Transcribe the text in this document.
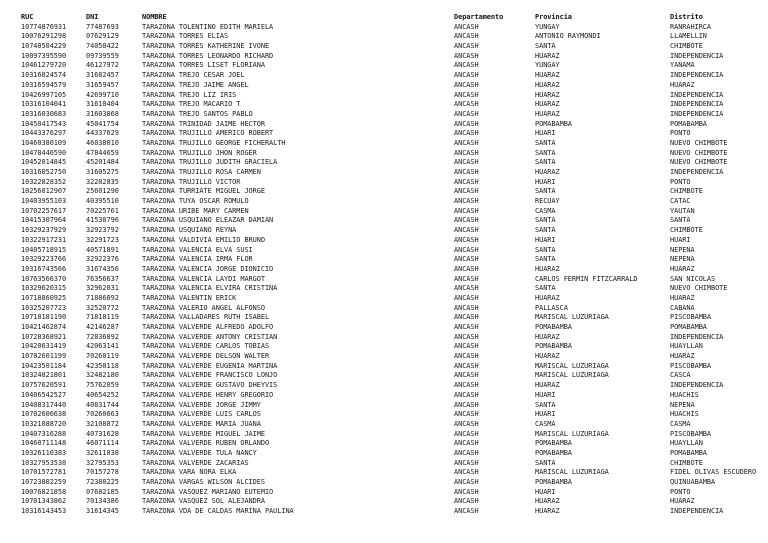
RUC	DNI	NOMBRE	Departamento	Provincia	Distrito
10774876931	77487693	TARAZONA TOLENTINO EDITH MARIELA	ANCASH	YUNGAY	RANRAHIRCA
10076291298	07629129	TARAZONA TORRES ELIAS	ANCASH	ANTONIO RAYMONDI	LLAMELLIN
10740504229	74050422	TARAZONA TORRES KATHERINE IVONE	ANCASH	SANTA	CHIMBOTE
10097395590	09739559	TARAZONA TORRES LEONARDO RICHARD	ANCASH	HUARAZ	INDEPENDENCIA
10461279720	46127972	TARAZONA TORRES LISET FLORIANA	ANCASH	YUNGAY	YANAMA
10316824574	31682457	TARAZONA TREJO CESAR JOEL	ANCASH	HUARAZ	INDEPENDENCIA
10316594579	31659457	TARAZONA TREJO JAIME ANGEL	ANCASH	HUARAZ	HUARAZ
10426997105	42699710	TARAZONA TREJO LIZ IRIS	ANCASH	HUARAZ	INDEPENDENCIA
10316104041	31610404	TARAZONA TREJO MACARIO T	ANCASH	HUARAZ	INDEPENDENCIA
10316030683	31603068	TARAZONA TREJO SANTOS PABLO	ANCASH	HUARAZ	INDEPENDENCIA
10450417543	45041754	TARAZONA TRINIDAD JAIME HECTOR	ANCASH	POMABAMBA	POMABAMBA
10443376297	44337629	TARAZONA TRUJILLO AMERICO ROBERT	ANCASH	HUARI	PONTO
10460380109	46038010	TARAZONA TRUJILLO GEORGE FICHERALTH	ANCASH	SANTA	NUEVO CHIMBOTE
10478446590	47844659	TARAZONA TRUJILLO JHON ROGER	ANCASH	SANTA	NUEVO CHIMBOTE
10452014845	45201484	TARAZONA TRUJILLO JUDITH GRACIELA	ANCASH	SANTA	NUEVO CHIMBOTE
10316052750	31605275	TARAZONA TRUJILLO ROSA CARMEN	ANCASH	HUARAZ	INDEPENDENCIA
10322828352	32282835	TARAZONA TRUJILLO VICTOR	ANCASH	HUARI	PONTO
10256012907	25601290	TARAZONA TURRIATE MIGUEL JORGE	ANCASH	SANTA	CHIMBOTE
10403955103	40395510	TARAZONA TUYA OSCAR ROMULO	ANCASH	RECUAY	CATAC
10702257617	70225761	TARAZONA URIBE MARY CARMEN	ANCASH	CASMA	YAUTAN
10415307964	41530796	TARAZONA USQUIANO ELEAZAR DAMIAN	ANCASH	SANTA	SANTA
10329237929	32923792	TARAZONA USQUIANO REYNA	ANCASH	SANTA	CHIMBOTE
10322917231	32291723	TARAZONA VALDIVIA EMILIO BRUNO	ANCASH	HUARI	HUARI
10405718915	40571891	TARAZONA VALENCIA ELVA SUSI	ANCASH	SANTA	NEPEÑA
10329223766	32922376	TARAZONA VALENCIA IRMA FLOR	ANCASH	SANTA	NEPEÑA
10316743566	31674356	TARAZONA VALENCIA JORGE DIONICIO	ANCASH	HUARAZ	HUARAZ
10763566370	76356637	TARAZONA VALENCIA LAYDI MARGOT	ANCASH	CARLOS FERMIN FITZCARRALD	SAN NICOLAS
10329620315	32962031	TARAZONA VALENCIA ELVIRA CRISTINA	ANCASH	SANTA	NUEVO CHIMBOTE
10718860925	71886092	TARAZONA VALENTIN ERICK	ANCASH	HUARAZ	HUARAZ
10325207723	32520772	TARAZONA VALERIO ANGEL ALFONSO	ANCASH	PALLASCA	CABANA
10718181190	71818119	TARAZONA VALLADARES RUTH ISABEL	ANCASH	MARISCAL LUZURIAGA	PISCOBAMBA
10421462874	42146287	TARAZONA VALVERDE ALFREDO ADOLFO	ANCASH	POMABAMBA	POMABAMBA
10728368921	72836892	TARAZONA VALVERDE ANTONY CRISTIAN	ANCASH	HUARAZ	INDEPENDENCIA
10420631419	42063141	TARAZONA VALVERDE CARLOS TOBIAS	ANCASH	POMABAMBA	HUAYLLAN
10702601199	70260119	TARAZONA VALVERDE DELSON WALTER	ANCASH	HUARAZ	HUARAZ
10423501184	42350118	TARAZONA VALVERDE EUGENIA MARTINA	ANCASH	MARISCAL LUZURIAGA	PISCOBAMBA
10324821801	32482180	TARAZONA VALVERDE FRANCISCO LONJO	ANCASH	MARISCAL LUZURIAGA	CASCA
10757620591	75762059	TARAZONA VALVERDE GUSTAVO DHEYVIS	ANCASH	HUARAZ	INDEPENDENCIA
10406542527	40654252	TARAZONA VALVERDE HENRY GREGORIO	ANCASH	HUARI	HUACHIS
10408317440	40831744	TARAZONA VALVERDE JORGE JIMMY	ANCASH	SANTA	NEPEÑA
10702606638	70260663	TARAZONA VALVERDE LUIS CARLOS	ANCASH	HUARI	HUACHIS
10321088720	32108872	TARAZONA VALVERDE MARIA JUANA	ANCASH	CASMA	CASMA
10407316288	40731628	TARAZONA VALVERDE MIGUEL JAIME	ANCASH	MARISCAL LUZURIAGA	PISCOBAMBA
10460711148	46071114	TARAZONA VALVERDE RUBEN ORLANDO	ANCASH	POMABAMBA	HUAYLLAN
10326110383	32611038	TARAZONA VALVERDE TULA NANCY	ANCASH	POMABAMBA	POMABAMBA
10327953538	32795353	TARAZONA VALVERDE ZACARIAS	ANCASH	SANTA	CHIMBOTE
10701572781	70157278	TARAZONA VARA NORA ELKA	ANCASH	MARISCAL LUZURIAGA	FIDEL OLIVAS ESCUDERO
10723802259	72380225	TARAZONA VARGAS WILSON ALCIDES	ANCASH	POMABAMBA	QUINUABAMBA
10076821858	07682185	TARAZONA VASQUEZ MARIANO EUTEMIO	ANCASH	HUARI	PONTO
10701343862	70134386	TARAZONA VASQUEZ SOL ALEJANDRA	ANCASH	HUARAZ	HUARAZ
10316143453	31614345	TARAZONA VDA DE CALDAS MARINA PAULINA	ANCASH	HUARAZ	INDEPENDENCIA
